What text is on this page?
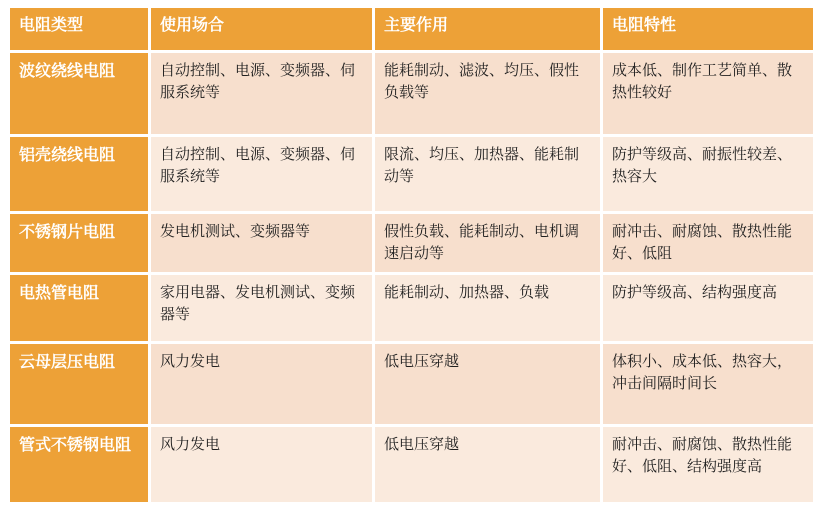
电阻类型	使用场合	主要作用	电阻特性
波纹绕线电阻	自动控制、电源、变频器、伺服系统等	能耗制动、滤波、均压、假性负载等	成本低、制作工艺简单、散热性较好
铝壳绕线电阻	自动控制、电源、变频器、伺服系统等	限流、均压、加热器、能耗制动等	防护等级高、耐振性较差、热容大
不锈钢片电阻	发电机测试、变频器等	假性负载、能耗制动、电机调速启动等	耐冲击、耐腐蚀、散热性能好、低阻
电热管电阻	家用电器、发电机测试、变频器等	能耗制动、加热器、负载	防护等级高、结构强度高
云母层压电阻	风力发电	低电压穿越	体积小、成本低、热容大，冲击间隔时间长
管式不锈钢电阻	风力发电	低电压穿越	耐冲击、耐腐蚀、散热性能好、低阻、结构强度高
